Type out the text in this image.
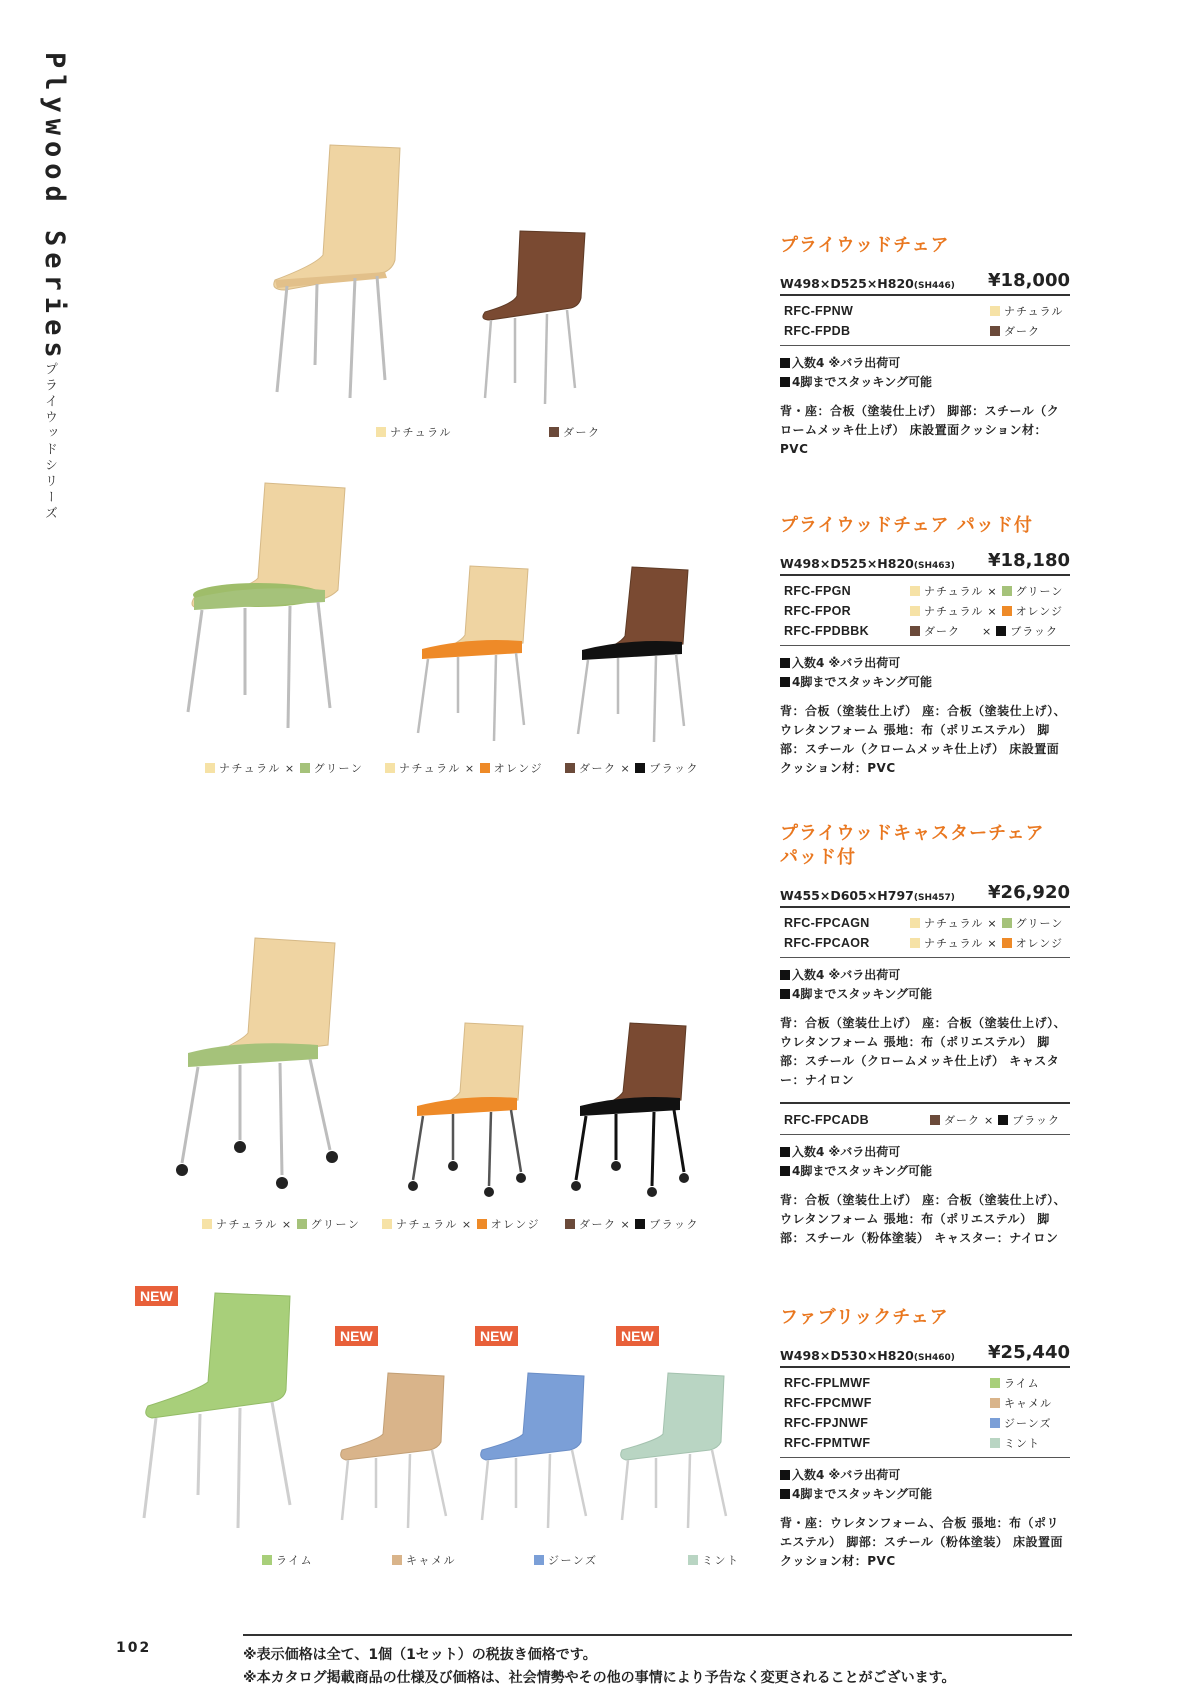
Plywood Series
プライウッドシリーズ	ナチュラル	ダーク
プライウッドチェア
W498×D525×H820(SH446) ¥18,000
RFC-FPNW	ナチュラル
RFC-FPDB	ダーク
入数4 ※バラ出荷可
4脚までスタッキング可能
背・座：合板（塗装仕上げ） 脚部：スチール（クロームメッキ仕上げ） 床設置面クッション材：PVC
ナチュラル × グリーン	ナチュラル × オレンジ	ダーク × ブラック
プライウッドチェア パッド付
W498×D525×H820(SH463) ¥18,180
RFC-FPGN	ナチュラル × グリーン
RFC-FPOR	ナチュラル × オレンジ
RFC-FPDBBK	ダーク	× ブラック
入数4 ※バラ出荷可
4脚までスタッキング可能
背：合板（塗装仕上げ） 座：合板（塗装仕上げ）、ウレタンフォーム 張地：布（ポリエステル） 脚部：スチール（クロームメッキ仕上げ） 床設置面クッション材：PVC
ナチュラル × グリーン	ナチュラル × オレンジ	ダーク × ブラック
プライウッドキャスターチェア
パッド付
W455×D605×H797(SH457) ¥26,920
RFC-FPCAGN	ナチュラル × グリーン
RFC-FPCAOR	ナチュラル × オレンジ
入数4 ※バラ出荷可
4脚までスタッキング可能
背：合板（塗装仕上げ） 座：合板（塗装仕上げ）、ウレタンフォーム 張地：布（ポリエステル） 脚部：スチール（クロームメッキ仕上げ） キャスター：ナイロン
RFC-FPCADB	ダーク × ブラック
入数4 ※バラ出荷可
4脚までスタッキング可能
背：合板（塗装仕上げ） 座：合板（塗装仕上げ）、ウレタンフォーム 張地：布（ポリエステル） 脚部：スチール（粉体塗装） キャスター：ナイロン
NEW
NEW	NEW	NEW
ライム	キャメル	ジーンズ	ミント
ファブリックチェア
W498×D530×H820(SH460) ¥25,440
RFC-FPLMWF	ライム
RFC-FPCMWF	キャメル
RFC-FPJNWF	ジーンズ
RFC-FPMTWF	ミント
入数4 ※バラ出荷可
4脚までスタッキング可能
背・座：ウレタンフォーム、合板 張地：布（ポリエステル） 脚部：スチール（粉体塗装） 床設置面クッション材：PVC
102	※表示価格は全て、1個（1セット）の税抜き価格です。
※本カタログ掲載商品の仕様及び価格は、社会情勢やその他の事情により予告なく変更されることがございます。
